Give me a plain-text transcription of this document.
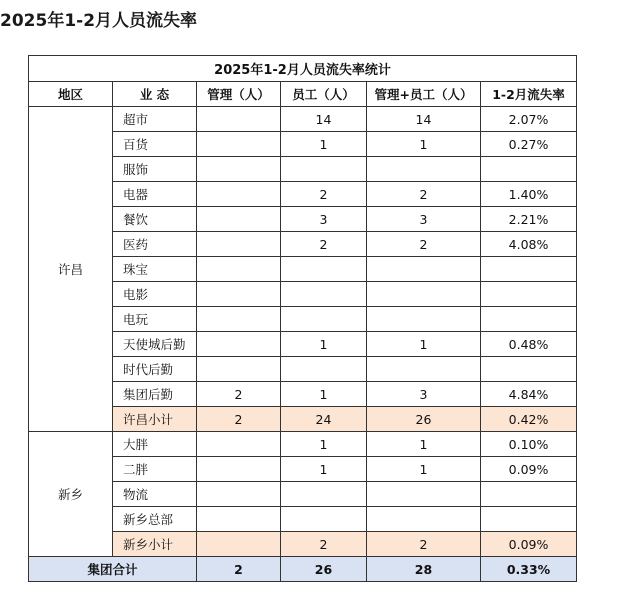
2025年1-2月人员流失率
2025年1-2月人员流失率统计					
地区	业 态	管理（人）	员工（人）	管理+员工（人）	1-2月流失率
许昌	超市		14	14	2.07%
	百货		1	1	0.27%
	服饰				
	电器		2	2	1.40%
	餐饮		3	3	2.21%
	医药		2	2	4.08%
	珠宝				
	电影				
	电玩				
	天使城后勤		1	1	0.48%
	时代后勤				
	集团后勤	2	1	3	4.84%
	许昌小计	2	24	26	0.42%
新乡	大胖		1	1	0.10%
	二胖		1	1	0.09%
	物流				
	新乡总部				
	新乡小计		2	2	0.09%
集团合计		2	26	28	0.33%
